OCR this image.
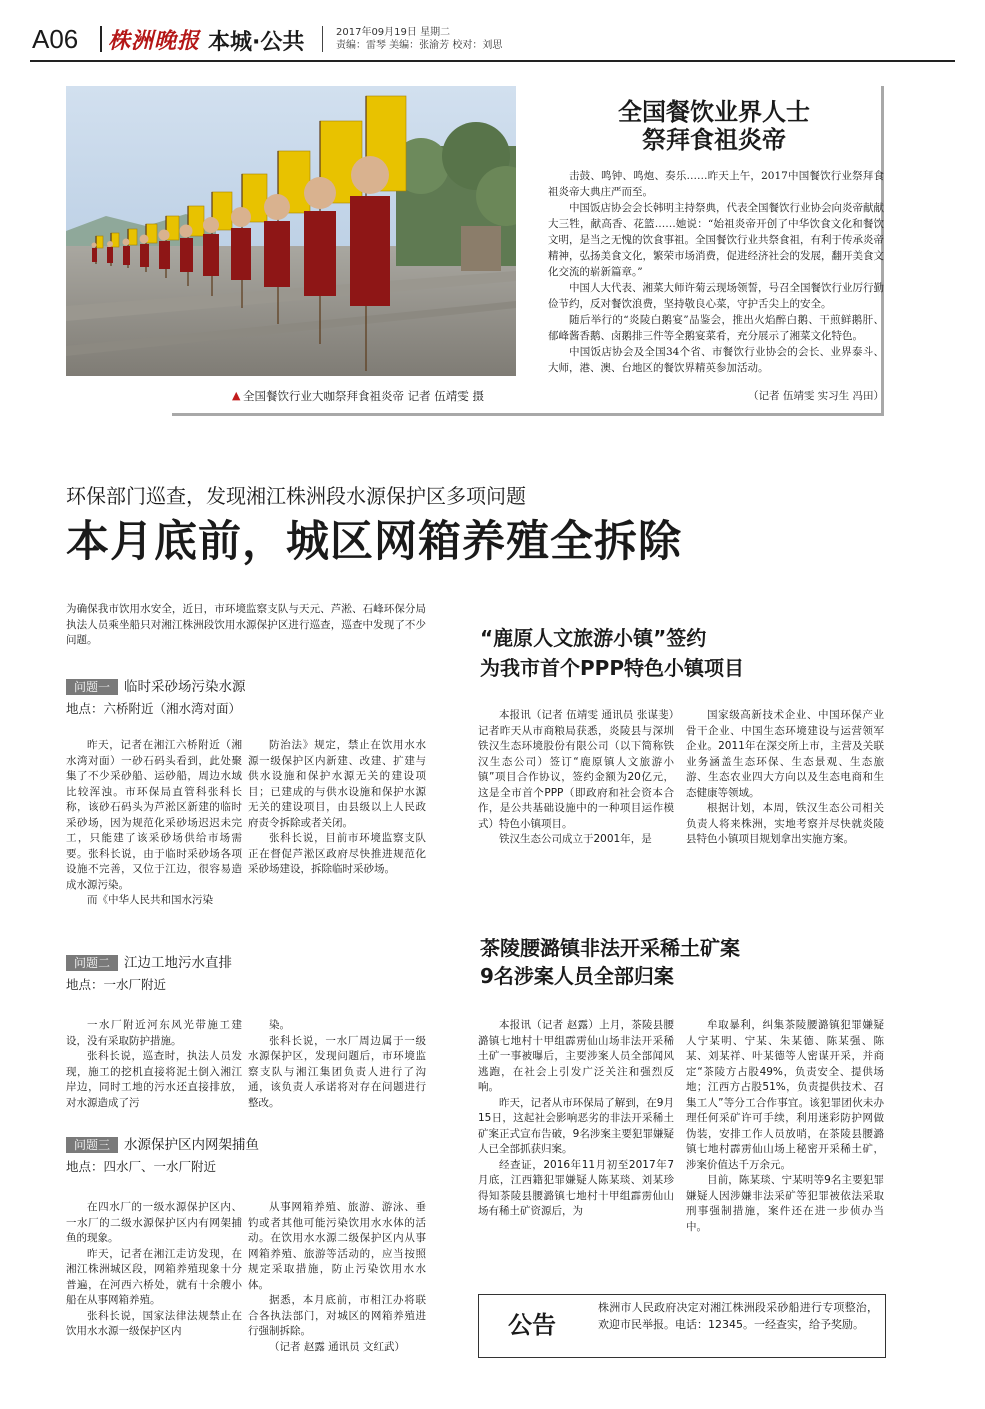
A06 株洲晚报 本城·公共	2017年09月19日 星期二
责编：雷琴 美编：张渝芳 校对：刘思
全国餐饮业界人士
祭拜食祖炎帝

击鼓、鸣钟、鸣炮、奏乐……昨天上午，2017中国餐饮行业祭拜食祖炎帝大典庄严而至。

中国饭店协会会长韩明主持祭典，代表全国餐饮行业协会向炎帝献献大三牲，献高香、花篮……她说：“始祖炎帝开创了中华饮食文化和餐饮文明，是当之无愧的饮食事祖。全国餐饮行业共祭食祖，有利于传承炎帝精神，弘扬美食文化，繁荣市场消费，促进经济社会的发展，翻开美食文化交流的崭新篇章。”

中国人大代表、湘菜大师许菊云现场领誓，号召全国餐饮行业厉行勤俭节约，反对餐饮浪费，坚持敬良心菜，守护舌尖上的安全。

随后举行的“炎陵白鹅宴”品鉴会，推出火焰醉白鹅、干煎鲜鹅肝、郁峰酱香鹅、卤鹅排三件等全鹅宴菜肴，充分展示了湘菜文化特色。

中国饭店协会及全国34个省、市餐饮行业协会的会长、业界泰斗、大师，港、澳、台地区的餐饮界精英参加活动。

（记者 伍靖雯 实习生 冯田）
▲ 全国餐饮行业大咖祭拜食祖炎帝 记者 伍靖雯 摄
环保部门巡查，发现湘江株洲段水源保护区多项问题
本月底前，城区网箱养殖全拆除
为确保我市饮用水安全，近日，市环境监察支队与天元、芦淞、石峰环保分局执法人员乘坐船只对湘江株洲段饮用水源保护区进行巡查，巡查中发现了不少问题。
问题一	临时采砂场污染水源
地点：六桥附近（湘水湾对面）

昨天，记者在湘江六桥附近（湘水湾对面）一砂石码头看到，此处聚集了不少采砂船、运砂船，周边水域比较浑浊。市环保局直管科张科长称，该砂石码头为芦淞区新建的临时采砂场，因为规范化采砂场迟迟未完工，只能建了该采砂场供给市场需要。张科长说，由于临时采砂场各项设施不完善，又位于江边，很容易造成水源污染。

而《中华人民共和国水污染

防治法》规定，禁止在饮用水水源一级保护区内新建、改建、扩建与供水设施和保护水源无关的建设项目；已建成的与供水设施和保护水源无关的建设项目，由县级以上人民政府责令拆除或者关闭。

张科长说，目前市环境监察支队正在督促芦淞区政府尽快推进规范化采砂场建设，拆除临时采砂场。

问题二	江边工地污水直排
地点：一水厂附近

一水厂附近河东风光带施工建设，没有采取防护措施。

张科长说，巡查时，执法人员发现，施工的挖机直接将泥土倒入湘江岸边，同时工地的污水还直接排放，对水源造成了污

染。

张科长说，一水厂周边属于一级水源保护区，发现问题后，市环境监察支队与湘江集团负责人进行了沟通，该负责人承诺将对存在问题进行整改。

问题三	水源保护区内网架捕鱼
地点：四水厂、一水厂附近

在四水厂的一级水源保护区内、一水厂的二级水源保护区内有网架捕鱼的现象。

昨天，记者在湘江走访发现，在湘江株洲城区段，网箱养殖现象十分普遍，在河西六桥处，就有十余艘小船在从事网箱养殖。

张科长说，国家法律法规禁止在饮用水水源一级保护区内

从事网箱养殖、旅游、游泳、垂钓或者其他可能污染饮用水水体的活动。在饮用水水源二级保护区内从事网箱养殖、旅游等活动的，应当按照规定采取措施，防止污染饮用水水体。

据悉，本月底前，市相江办将联合各执法部门，对城区的网箱养殖进行强制拆除。

（记者 赵露 通讯员 文红武）

“鹿原人文旅游小镇”签约
为我市首个PPP特色小镇项目

本报讯（记者 伍靖雯 通讯员 张谋斐）记者昨天从市商粮局获悉，炎陵县与深圳铁汉生态环境股份有限公司（以下简称铁汉生态公司）签订“鹿原镇人文旅游小镇”项目合作协议，签约金额为20亿元，这是全市首个PPP（即政府和社会资本合作，是公共基础设施中的一种项目运作模式）特色小镇项目。

铁汉生态公司成立于2001年，是

国家级高新技术企业、中国环保产业骨干企业、中国生态环境建设与运营领军企业。2011年在深交所上市，主营及关联业务涵盖生态环保、生态景观、生态旅游、生态农业四大方向以及生态电商和生态健康等领域。

根据计划，本周，铁汉生态公司相关负责人将来株洲，实地考察并尽快就炎陵县特色小镇项目规划拿出实施方案。

茶陵腰潞镇非法开采稀土矿案
9名涉案人员全部归案

本报讯（记者 赵露）上月，茶陵县腰潞镇七地村十甲组霹雳仙山场非法开采稀土矿一事被曝后，主要涉案人员全部闻风逃跑，在社会上引发广泛关注和强烈反响。

昨天，记者从市环保局了解到，在9月15日，这起社会影响恶劣的非法开采稀土矿案正式宣布告破，9名涉案主要犯罪嫌疑人已全部抓获归案。

经查证，2016年11月初至2017年7月底，江西籍犯罪嫌疑人陈某琰、刘某珍得知茶陵县腰潞镇七地村十甲组霹雳仙山场有稀土矿资源后，为

牟取暴利，纠集茶陵腰潞镇犯罪嫌疑人宁某明、宁某、朱某德、陈某强、陈某、刘某祥、叶某德等人密谋开采，并商定“茶陵方占股49%，负责安全、提供场地；江西方占股51%，负责提供技术、召集工人”等分工合作事宜。该犯罪团伙未办理任何采矿许可手续，利用迷彩防护网做伪装，安排工作人员放哨，在茶陵县腰潞镇七地村霹雳仙山场上秘密开采稀土矿，涉案价值达千万余元。

目前，陈某琰、宁某明等9名主要犯罪嫌疑人因涉嫌非法采矿等犯罪被依法采取刑事强制措施，案件还在进一步侦办当中。

公告
株洲市人民政府决定对湘江株洲段采砂船进行专项整治，欢迎市民举报。电话：12345。一经查实，给予奖励。
